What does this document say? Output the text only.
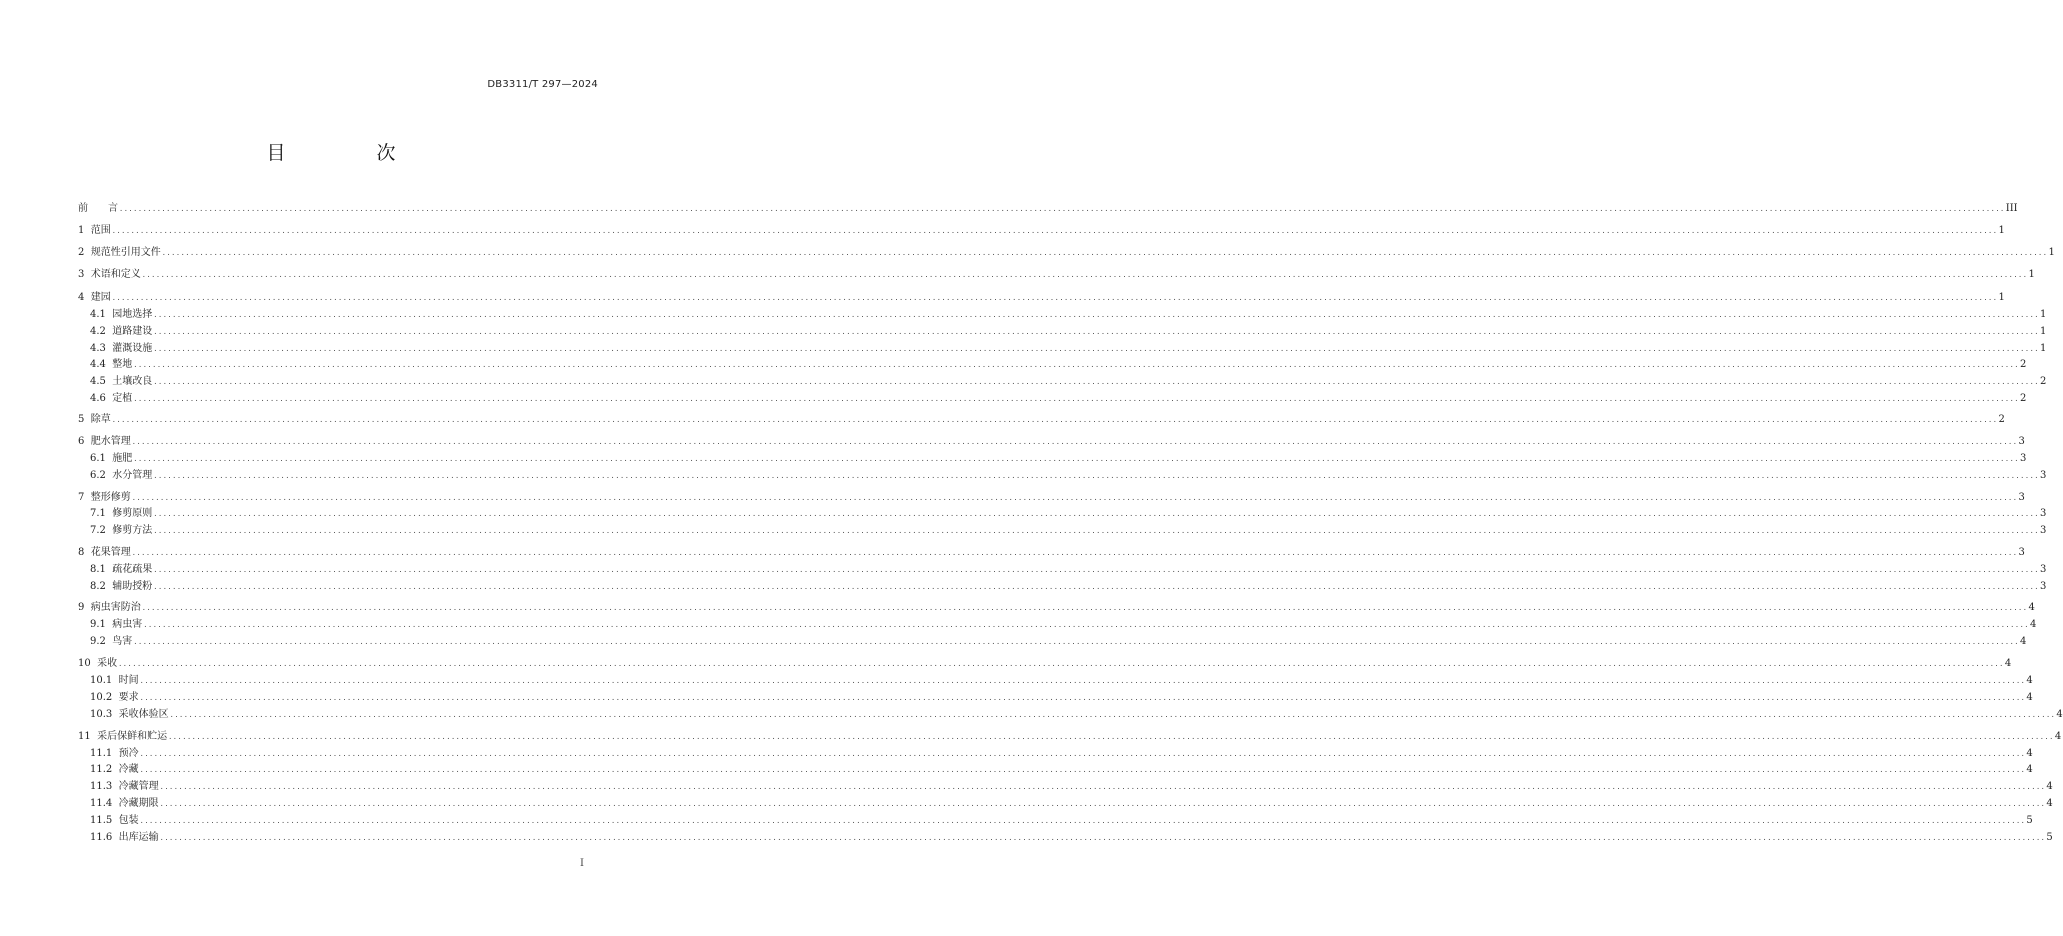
DB3311/T 297—2024
目　次
前　　言 ................................................................................................................................................................................................................................................................................................................................................................................................................ III
1  范围 ................................................................................................................................................................................................................................................................................................................................................................................................................ 1
2  规范性引用文件 ................................................................................................................................................................................................................................................................................................................................................................................................................ 1
3  术语和定义 ................................................................................................................................................................................................................................................................................................................................................................................................................ 1
4  建园 ................................................................................................................................................................................................................................................................................................................................................................................................................ 1
4.1  园地选择 ................................................................................................................................................................................................................................................................................................................................................................................................................ 1
4.2  道路建设 ................................................................................................................................................................................................................................................................................................................................................................................................................ 1
4.3  灌溉设施 ................................................................................................................................................................................................................................................................................................................................................................................................................ 1
4.4  整地 ................................................................................................................................................................................................................................................................................................................................................................................................................ 2
4.5  土壤改良 ................................................................................................................................................................................................................................................................................................................................................................................................................ 2
4.6  定植 ................................................................................................................................................................................................................................................................................................................................................................................................................ 2
5  除草 ................................................................................................................................................................................................................................................................................................................................................................................................................ 2
6  肥水管理 ................................................................................................................................................................................................................................................................................................................................................................................................................ 3
6.1  施肥 ................................................................................................................................................................................................................................................................................................................................................................................................................ 3
6.2  水分管理 ................................................................................................................................................................................................................................................................................................................................................................................................................ 3
7  整形修剪 ................................................................................................................................................................................................................................................................................................................................................................................................................ 3
7.1  修剪原则 ................................................................................................................................................................................................................................................................................................................................................................................................................ 3
7.2  修剪方法 ................................................................................................................................................................................................................................................................................................................................................................................................................ 3
8  花果管理 ................................................................................................................................................................................................................................................................................................................................................................................................................ 3
8.1  疏花疏果 ................................................................................................................................................................................................................................................................................................................................................................................................................ 3
8.2  辅助授粉 ................................................................................................................................................................................................................................................................................................................................................................................................................ 3
9  病虫害防治 ................................................................................................................................................................................................................................................................................................................................................................................................................ 4
9.1  病虫害 ................................................................................................................................................................................................................................................................................................................................................................................................................ 4
9.2  鸟害 ................................................................................................................................................................................................................................................................................................................................................................................................................ 4
10  采收 ................................................................................................................................................................................................................................................................................................................................................................................................................ 4
10.1  时间 ................................................................................................................................................................................................................................................................................................................................................................................................................ 4
10.2  要求 ................................................................................................................................................................................................................................................................................................................................................................................................................ 4
10.3  采收体验区 ................................................................................................................................................................................................................................................................................................................................................................................................................ 4
11  采后保鲜和贮运 ................................................................................................................................................................................................................................................................................................................................................................................................................ 4
11.1  预冷 ................................................................................................................................................................................................................................................................................................................................................................................................................ 4
11.2  冷藏 ................................................................................................................................................................................................................................................................................................................................................................................................................ 4
11.3  冷藏管理 ................................................................................................................................................................................................................................................................................................................................................................................................................ 4
11.4  冷藏期限 ................................................................................................................................................................................................................................................................................................................................................................................................................ 4
11.5  包装 ................................................................................................................................................................................................................................................................................................................................................................................................................ 5
11.6  出库运输 ................................................................................................................................................................................................................................................................................................................................................................................................................ 5
I
